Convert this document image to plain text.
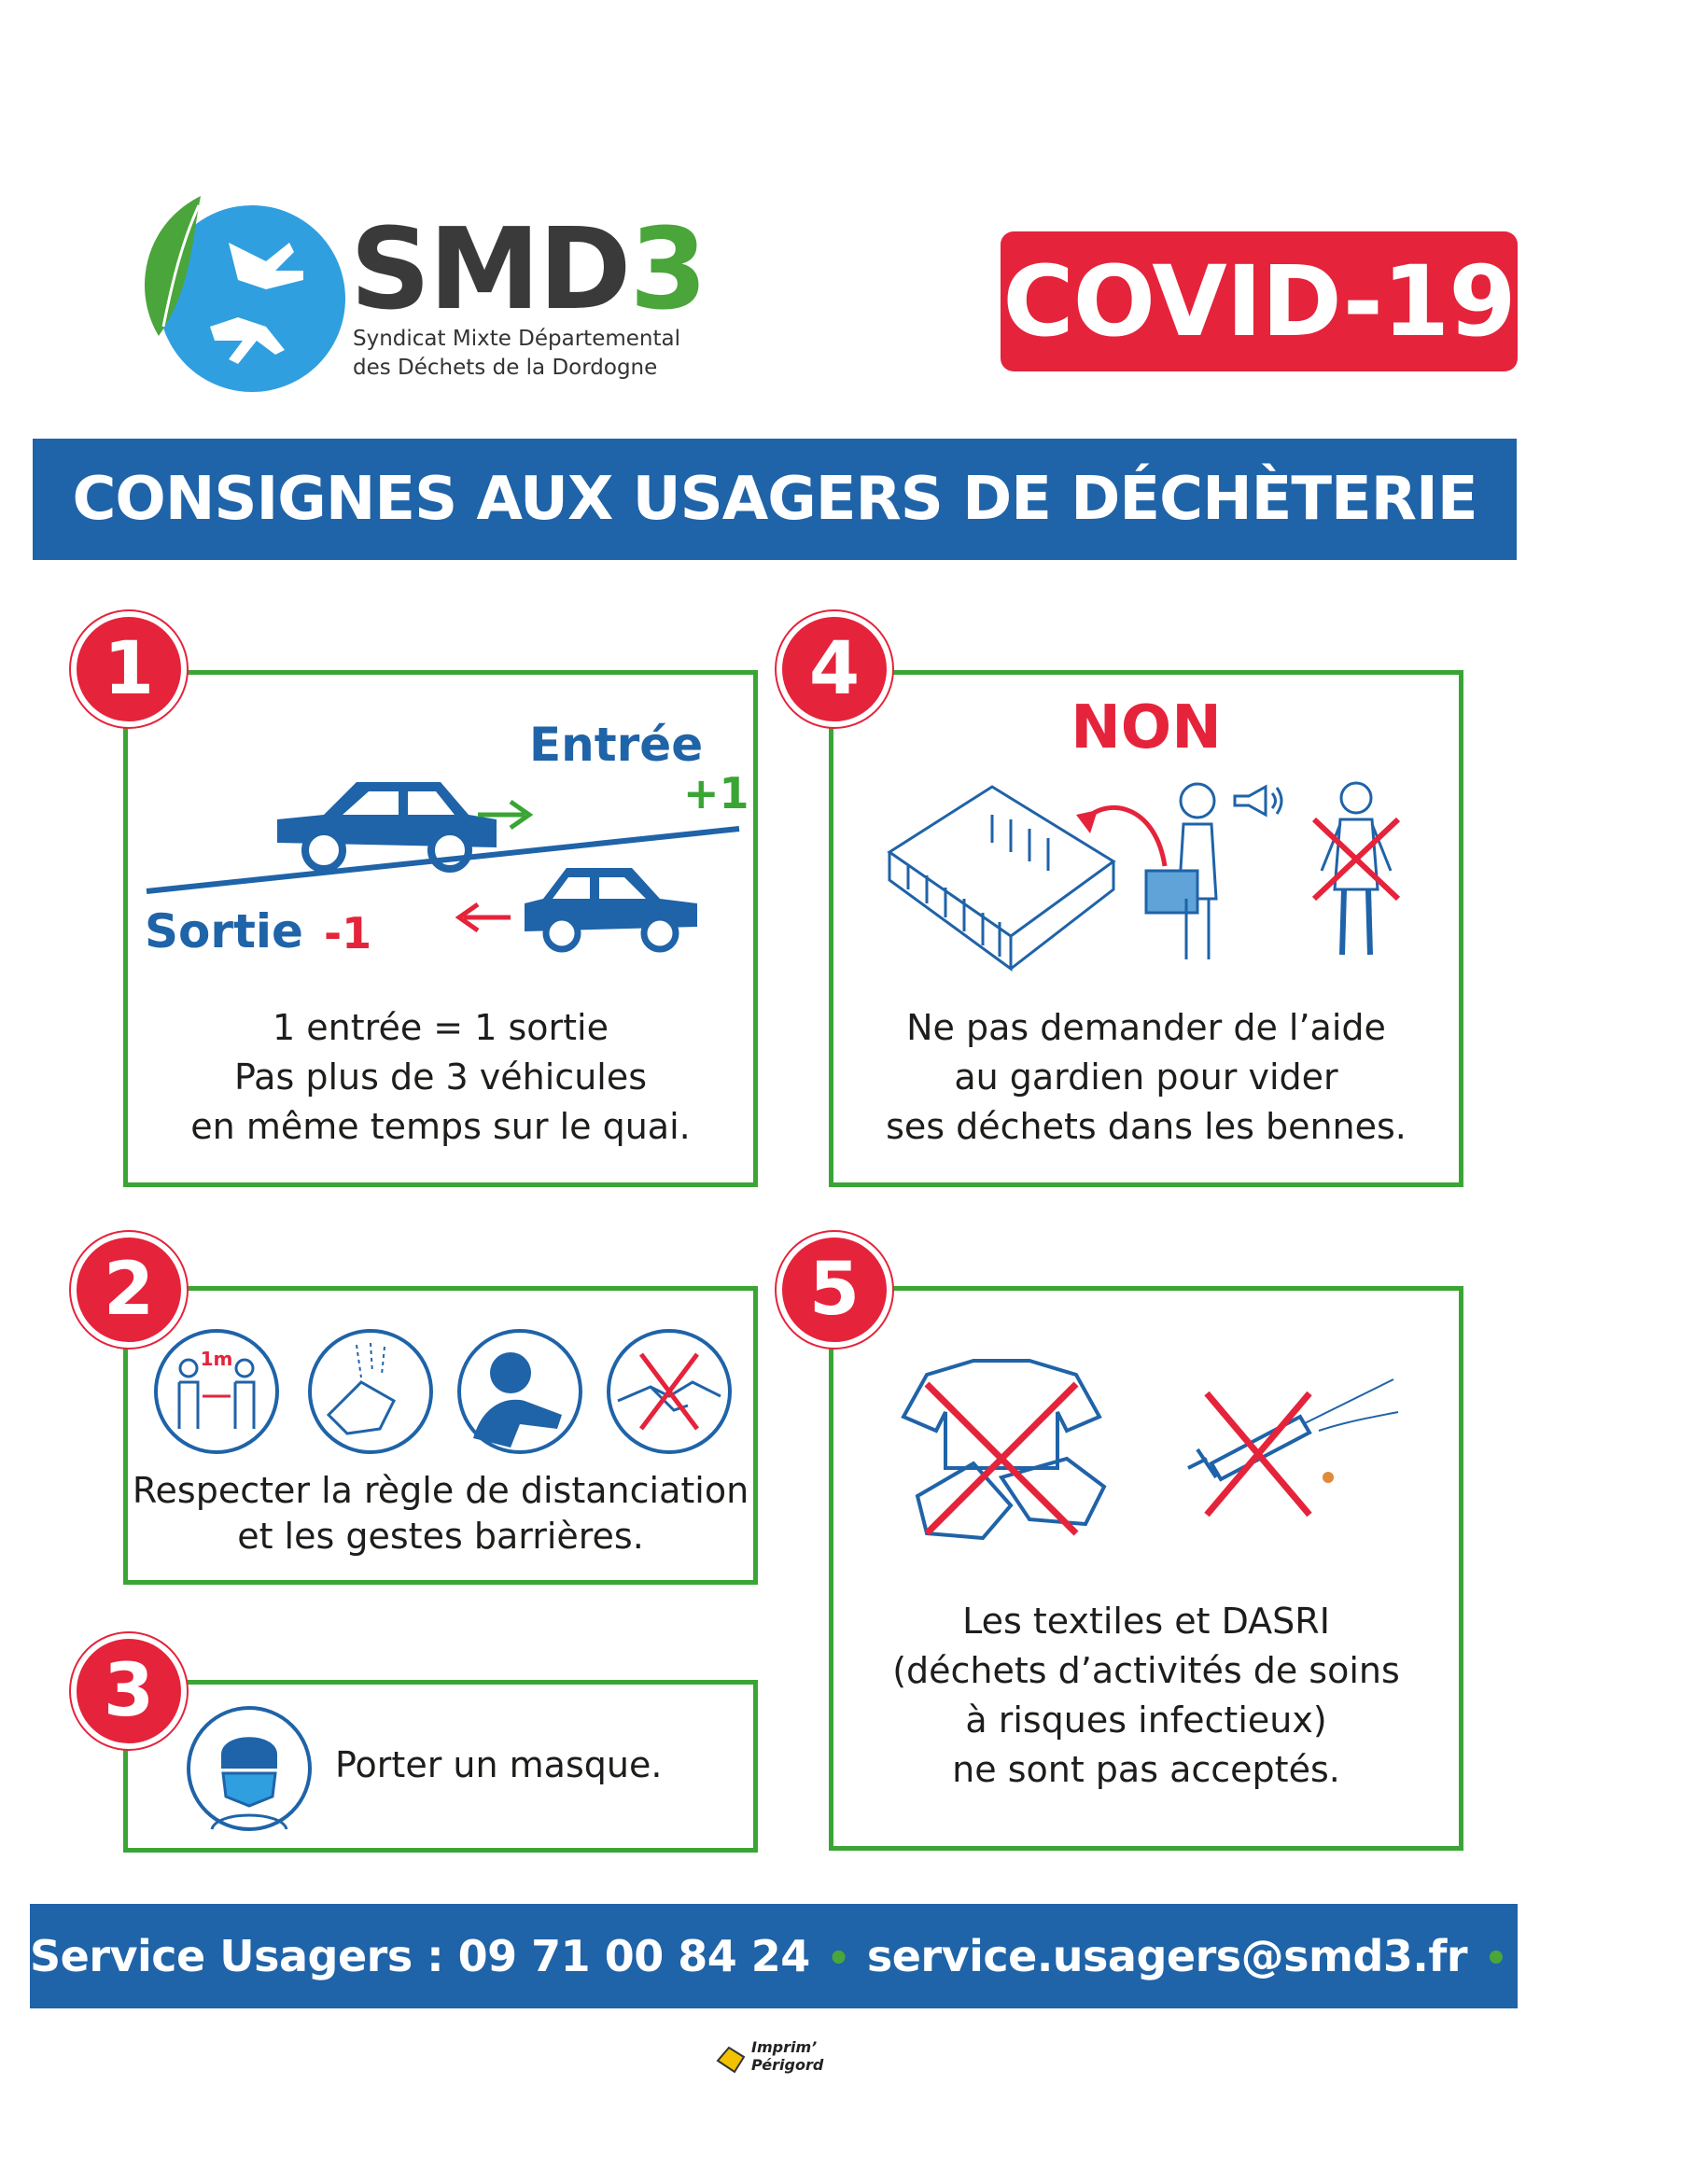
SMD3
Syndicat Mixte Départemental
des Déchets de la Dordogne
COVID-19
CONSIGNES AUX USAGERS DE DÉCHÈTERIE
Entrée
+1
Sortie -1
1 entrée = 1 sortie
Pas plus de 3 véhicules
en même temps sur le quai.
1
NON
Ne pas demander de l’aide
au gardien pour vider
ses déchets dans les bennes.
4
1m
Respecter la règle de distanciation
et les gestes barrières.
2
Porter un masque.
3
Les textiles et DASRI
(déchets d’activités de soins
à risques infectieux)
ne sont pas acceptés.
5
Service Usagers : 09 71 00 84 24 • service.usagers@smd3.fr • smd3.fr
Imprim’
Périgord
